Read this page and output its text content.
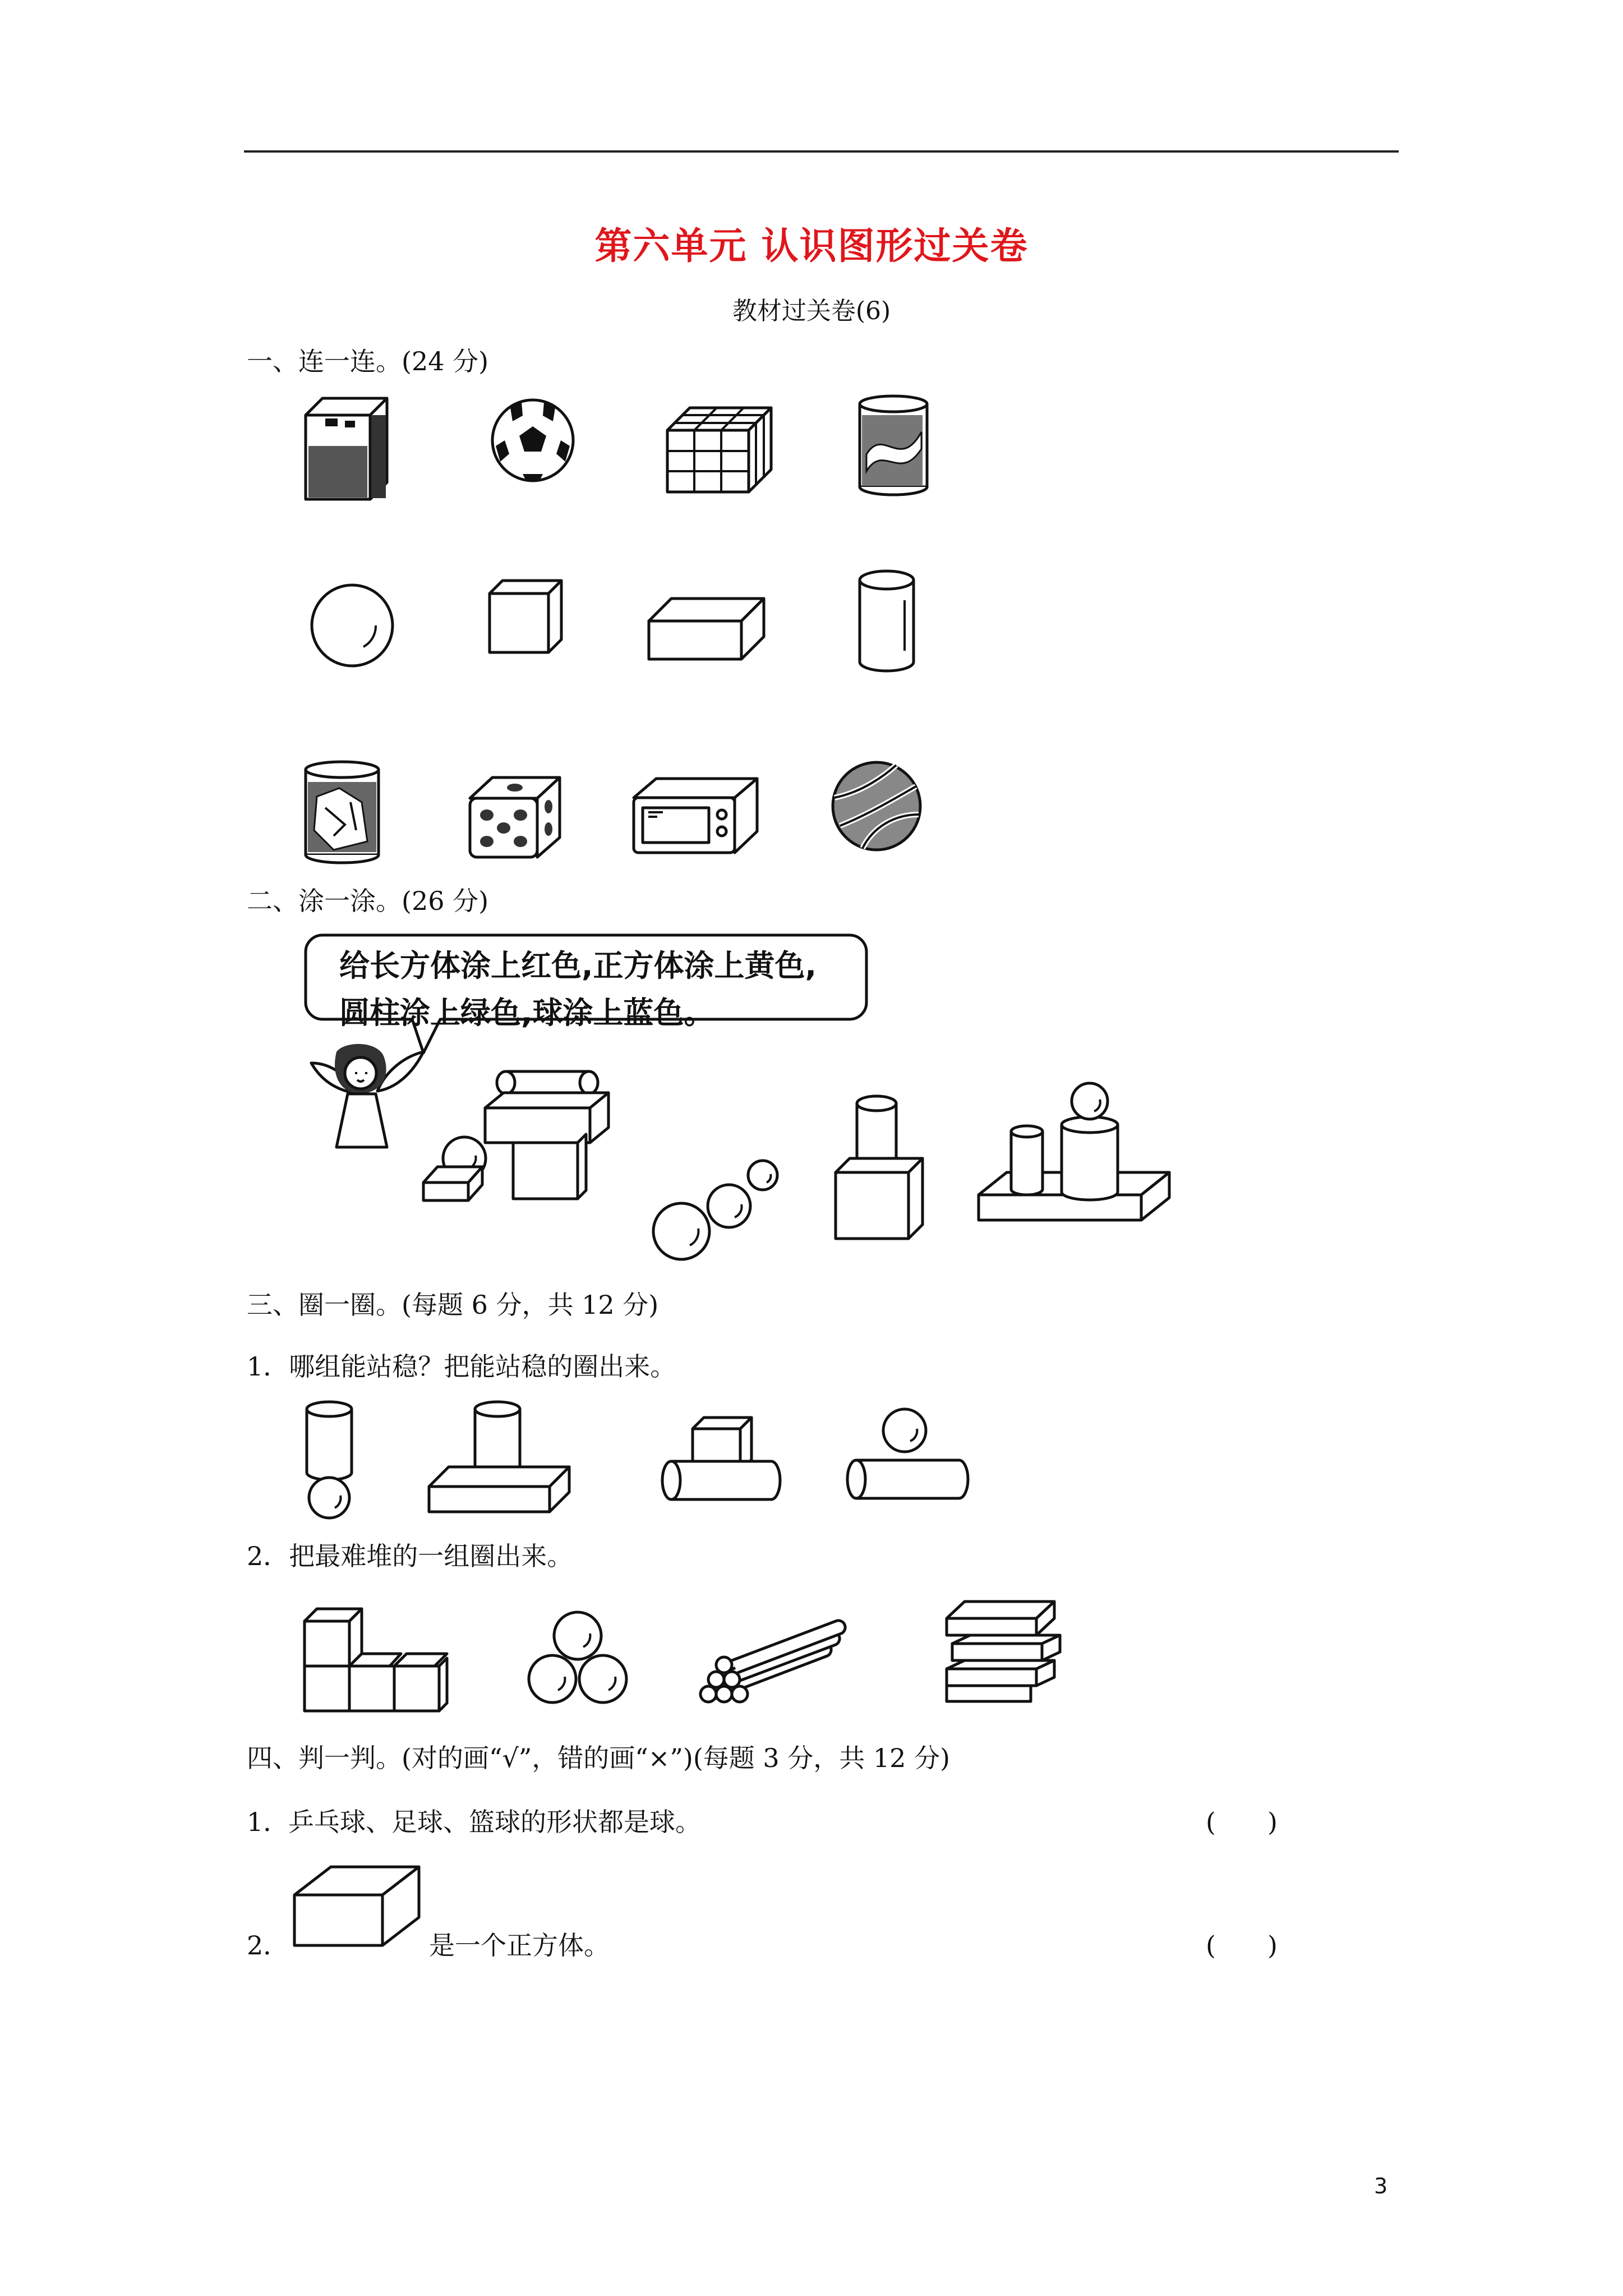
第六单元 认识图形过关卷
教材过关卷(6)
一、连一连。(24 分)
二、涂一涂。(26 分)
给长方体涂上红色,正方体涂上黄色,
圆柱涂上绿色,球涂上蓝色。
三、圈一圈。(每题 6 分，共 12 分)
1．哪组能站稳？把能站稳的圈出来。
2．把最难堆的一组圈出来。
四、判一判。(对的画“√”，错的画“×”)(每题 3 分，共 12 分)
1．
乒乓球、足球、篮球的形状都是球。	(　　)
2．	是一个正方体。	(　　)
3
